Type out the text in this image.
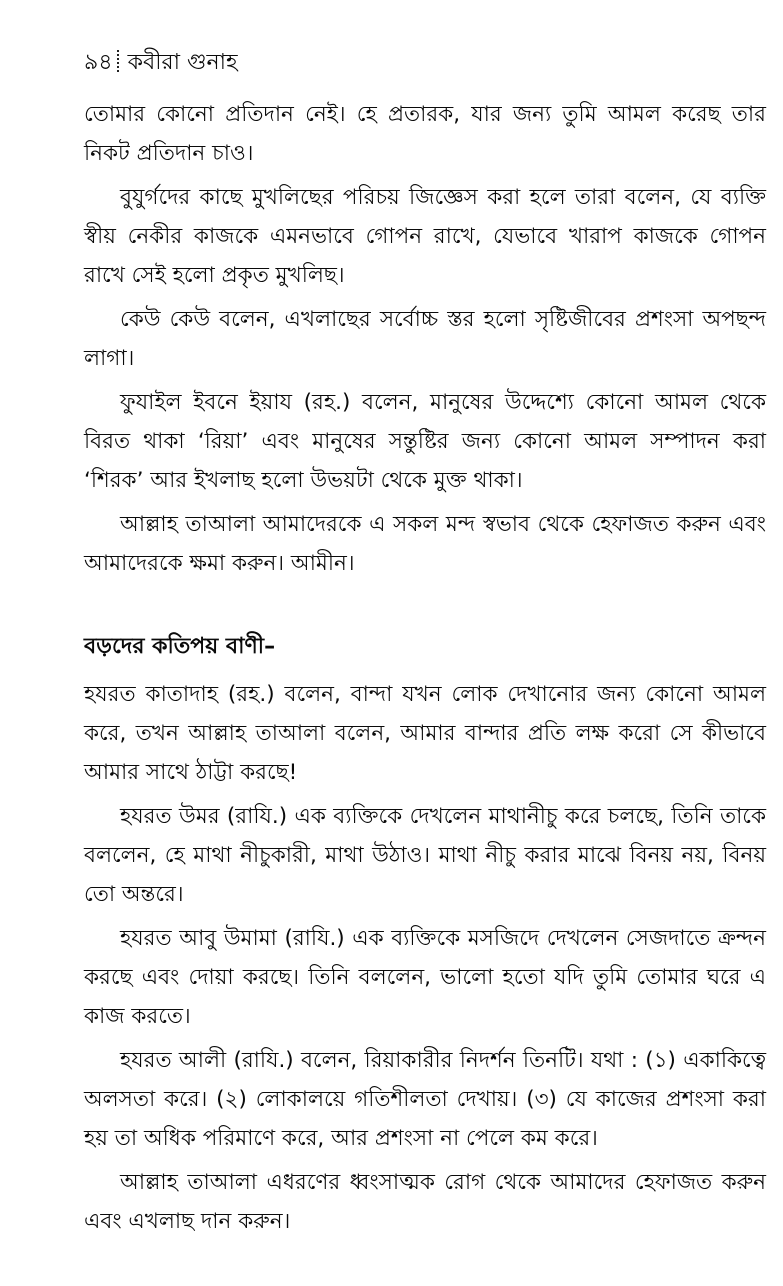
৯৪ কবীরা গুনাহ

তোমার কোনো প্রতিদান নেই। হে প্রতারক, যার জন্য তুমি আমল করেছ তার নিকট প্রতিদান চাও।

বুযুর্গদের কাছে মুখলিছের পরিচয় জিজ্ঞেস করা হলে তারা বলেন, যে ব্যক্তি স্বীয় নেকীর কাজকে এমনভাবে গোপন রাখে, যেভাবে খারাপ কাজকে গোপন রাখে সেই হলো প্রকৃত মুখলিছ।

কেউ কেউ বলেন, এখলাছের সর্বোচ্চ স্তর হলো সৃষ্টিজীবের প্রশংসা অপছন্দ লাগা।

ফুযাইল ইবনে ইয়ায (রহ.) বলেন, মানুষের উদ্দেশ্যে কোনো আমল থেকে বিরত থাকা ‘রিয়া’ এবং মানুষের সন্তুষ্টির জন্য কোনো আমল সম্পাদন করা ‘শিরক’ আর ইখলাছ হলো উভয়টা থেকে মুক্ত থাকা।

আল্লাহ তাআলা আমাদেরকে এ সকল মন্দ স্বভাব থেকে হেফাজত করুন এবং আমাদেরকে ক্ষমা করুন। আমীন।

বড়দের কতিপয় বাণী–

হযরত কাতাদাহ (রহ.) বলেন, বান্দা যখন লোক দেখানোর জন্য কোনো আমল করে, তখন আল্লাহ তাআলা বলেন, আমার বান্দার প্রতি লক্ষ করো সে কীভাবে আমার সাথে ঠাট্টা করছে!

হযরত উমর (রাযি.) এক ব্যক্তিকে দেখলেন মাথানীচু করে চলছে, তিনি তাকে বললেন, হে মাথা নীচুকারী, মাথা উঠাও। মাথা নীচু করার মাঝে বিনয় নয়, বিনয় তো অন্তরে।

হযরত আবু উমামা (রাযি.) এক ব্যক্তিকে মসজিদে দেখলেন সেজদাতে ক্রন্দন করছে এবং দোয়া করছে। তিনি বললেন, ভালো হতো যদি তুমি তোমার ঘরে এ কাজ করতে।

হযরত আলী (রাযি.) বলেন, রিয়াকারীর নিদর্শন তিনটি। যথা : (১) একাকিত্বে অলসতা করে। (২) লোকালয়ে গতিশীলতা দেখায়। (৩) যে কাজের প্রশংসা করা হয় তা অধিক পরিমাণে করে, আর প্রশংসা না পেলে কম করে।

আল্লাহ তাআলা এধরণের ধ্বংসাত্মক রোগ থেকে আমাদের হেফাজত করুন এবং এখলাছ দান করুন।
